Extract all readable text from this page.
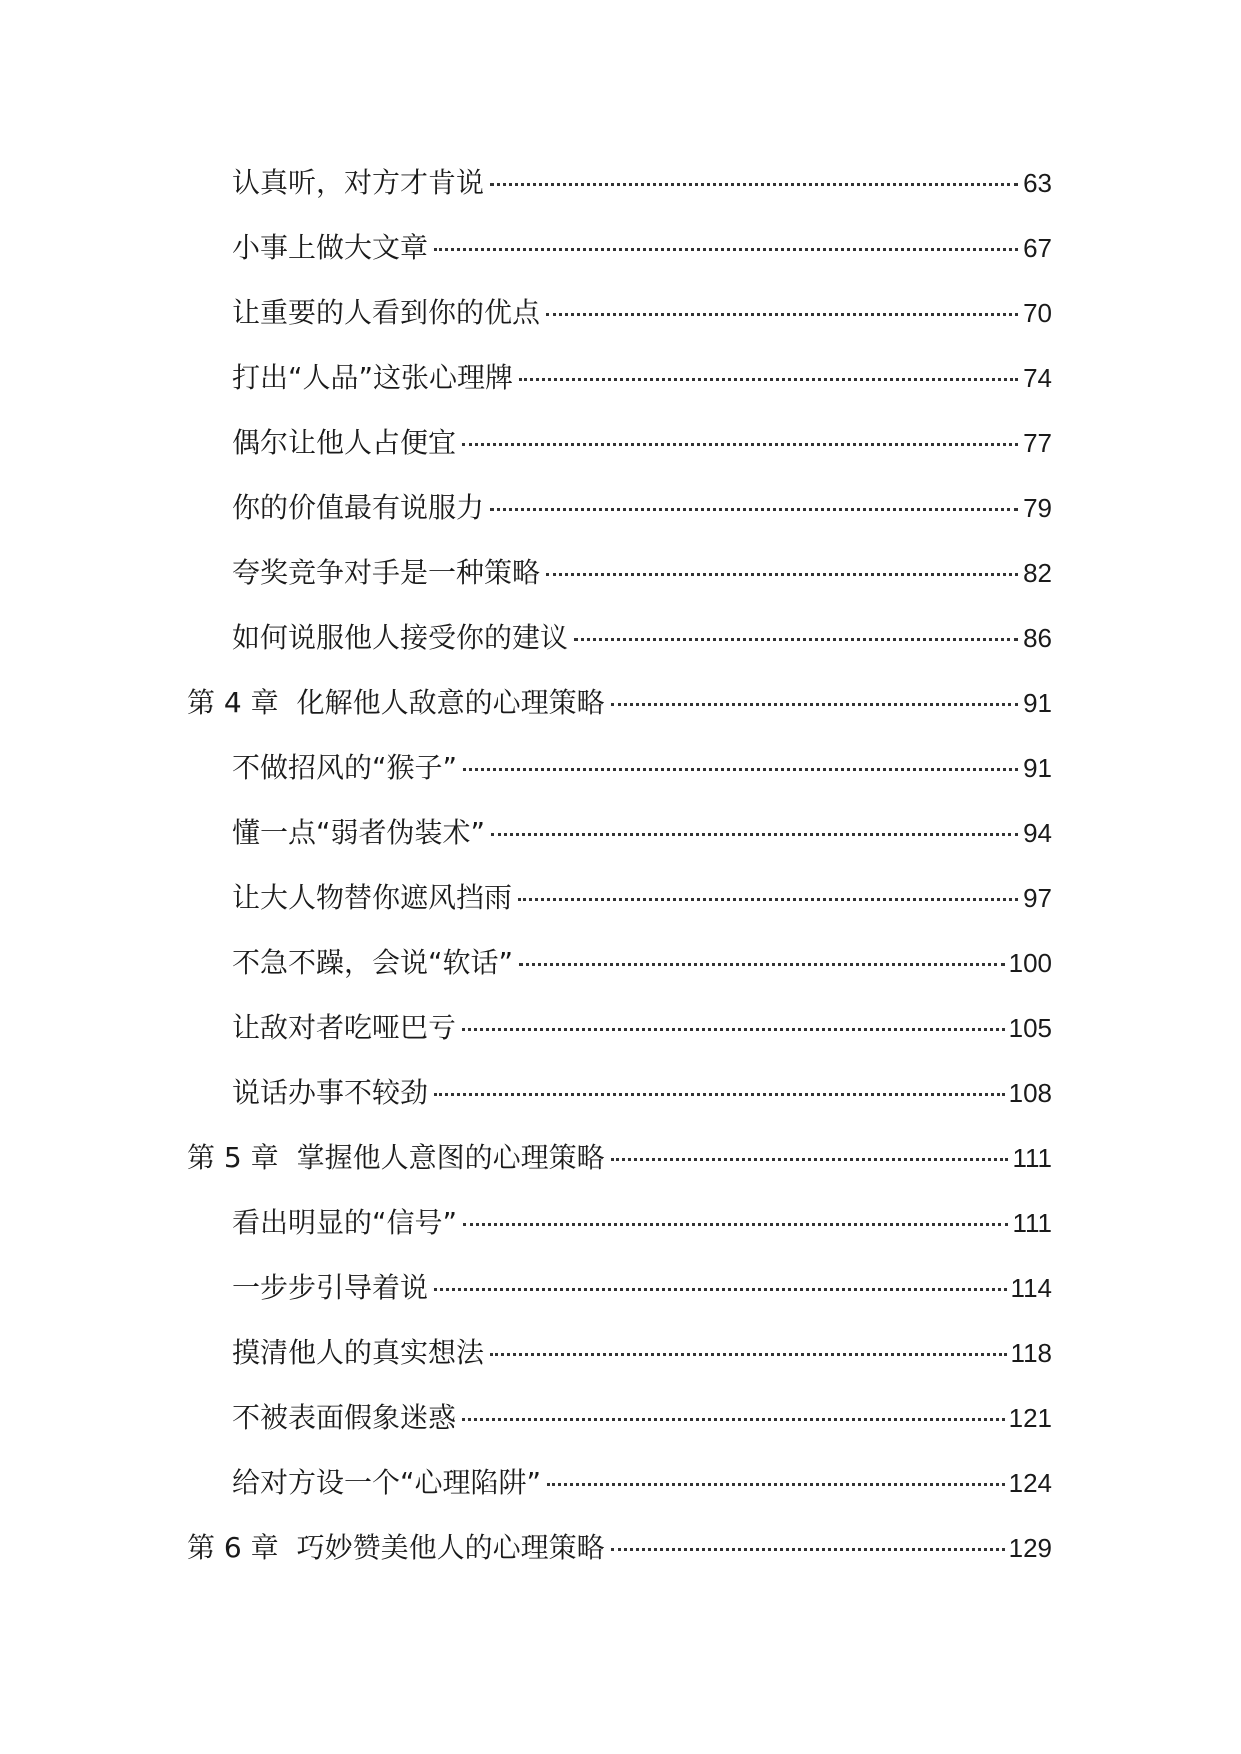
认真听，对方才肯说	63
小事上做大文章	67
让重要的人看到你的优点	70
打出“人品”这张心理牌	74
偶尔让他人占便宜	77
你的价值最有说服力	79
夸奖竞争对手是一种策略	82
如何说服他人接受你的建议	86
第 4 章 化解他人敌意的心理策略	91
不做招风的“猴子”	91
懂一点“弱者伪装术”	94
让大人物替你遮风挡雨	97
不急不躁，会说“软话”	100
让敌对者吃哑巴亏	105
说话办事不较劲	108
第 5 章 掌握他人意图的心理策略	111
看出明显的“信号”	111
一步步引导着说	114
摸清他人的真实想法	118
不被表面假象迷惑	121
给对方设一个“心理陷阱”	124
第 6 章 巧妙赞美他人的心理策略	129
